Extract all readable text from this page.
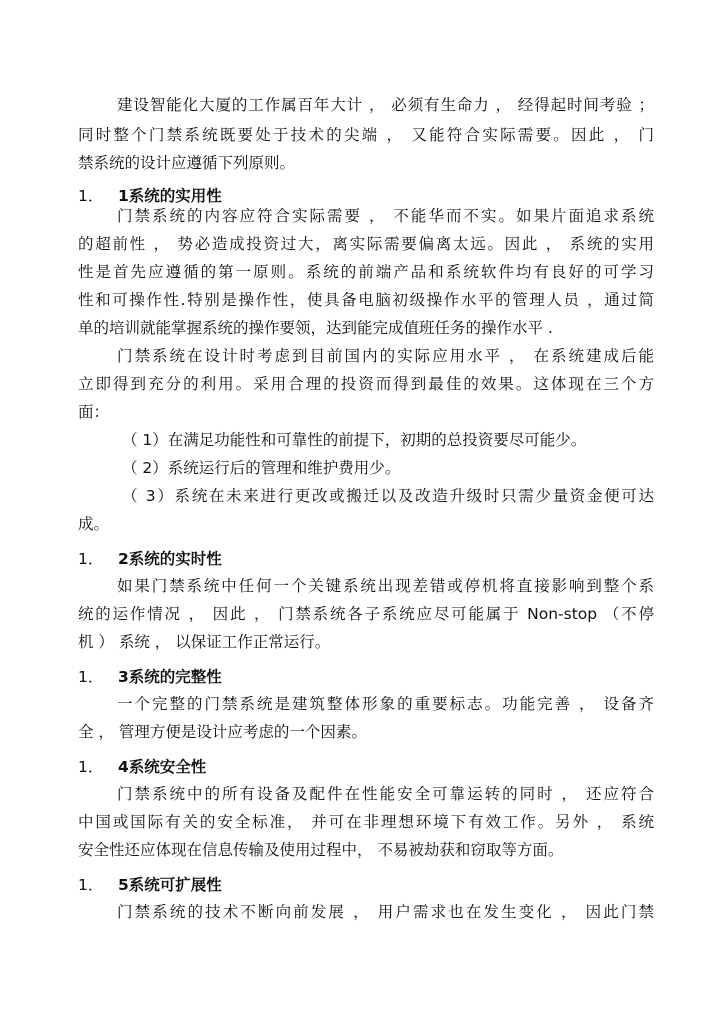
建设智能化大厦的工作属百年大计 ， 必须有生命力 ， 经得起时间考验 ；
同时整个门禁系统既要处于技术的尖端 ， 又能符合实际需要。因此 ， 门
禁系统的设计应遵循下列原则。
1． 1系统的实用性
门禁系统的内容应符合实际需要 ， 不能华而不实。如果片面追求系统
的超前性 ， 势必造成投资过大，离实际需要偏离太远。因此 ， 系统的实用
性是首先应遵循的第一原则。系统的前端产品和系统软件均有良好的可学习
性和可操作性.特别是操作性，使具备电脑初级操作水平的管理人员 ，通过简
单的培训就能掌握系统的操作要领，达到能完成值班任务的操作水平 .
门禁系统在设计时考虑到目前国内的实际应用水平 ， 在系统建成后能
立即得到充分的利用。采用合理的投资而得到最佳的效果。这体现在三个方
面：
（ 1）在满足功能性和可靠性的前提下，初期的总投资要尽可能少。
（ 2）系统运行后的管理和维护费用少。
（ 3）系统在未来进行更改或搬迁以及改造升级时只需少量资金便可达
成。
1． 2系统的实时性
如果门禁系统中任何一个关键系统出现差错或停机将直接影响到整个系
统的运作情况 ， 因此 ， 门禁系统各子系统应尽可能属于 Non-stop （不停
机 ） 系统 ， 以保证工作正常运行。
1． 3系统的完整性
一个完整的门禁系统是建筑整体形象的重要标志。功能完善 ， 设备齐
全 ， 管理方便是设计应考虑的一个因素。
1． 4系统安全性
门禁系统中的所有设备及配件在性能安全可靠运转的同时 ， 还应符合
中国或国际有关的安全标准， 并可在非理想环境下有效工作。另外 ， 系统
安全性还应体现在信息传输及使用过程中， 不易被劫获和窃取等方面。
1． 5系统可扩展性
门禁系统的技术不断向前发展 ， 用户需求也在发生变化 ， 因此门禁
